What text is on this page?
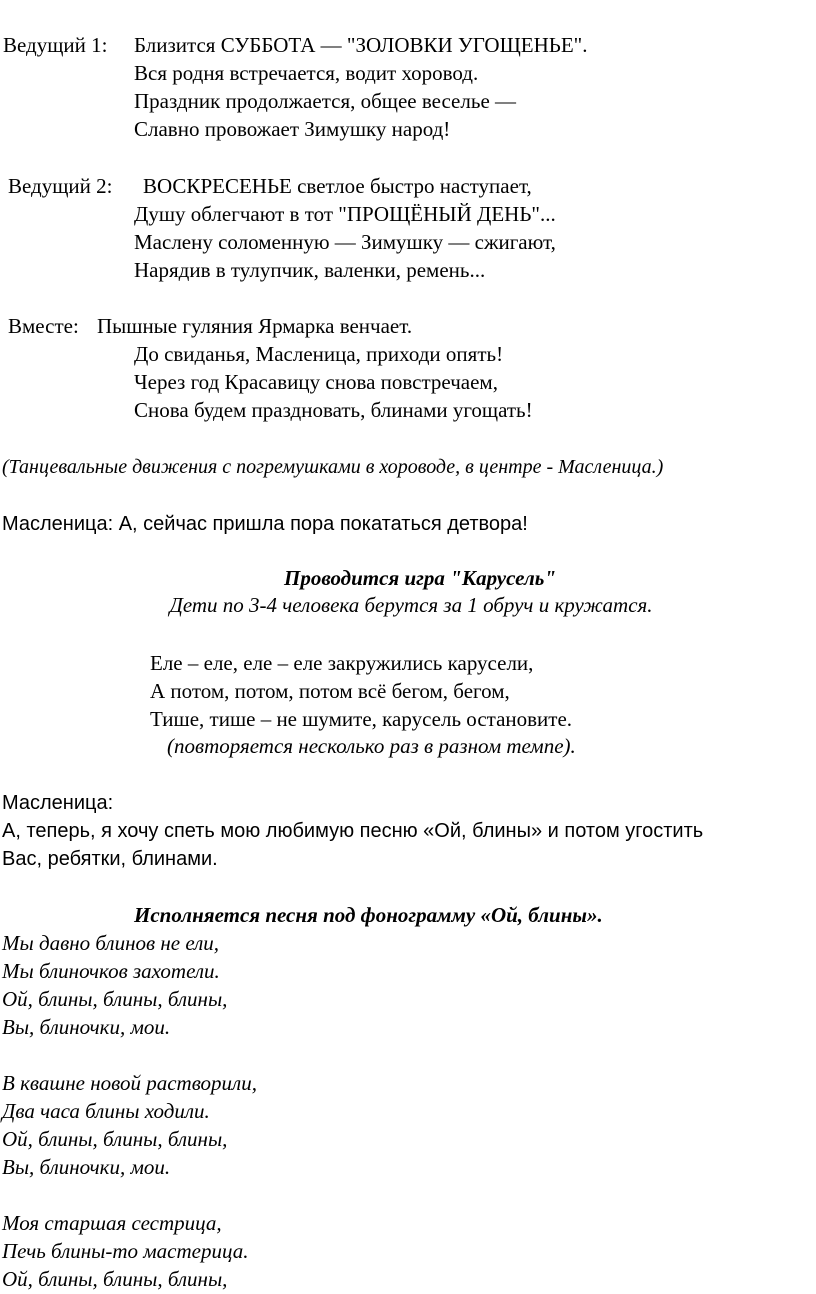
Ведущий 1: Близится СУББОТА — "ЗОЛОВКИ УГОЩЕНЬЕ".
Вся родня встречается, водит хоровод.
Праздник продолжается, общее веселье —
Славно провожает Зимушку народ!
Ведущий 2: ВОСКРЕСЕНЬЕ светлое быстро наступает,
Душу облегчают в тот "ПРОЩЁНЫЙ ДЕНЬ"...
Маслену соломенную — Зимушку — сжигают,
Нарядив в тулупчик, валенки, ремень...
Вместе: Пышные гуляния Ярмарка венчает.
До свиданья, Масленица, приходи опять!
Через год Красавицу снова повстречаем,
Снова будем праздновать, блинами угощать!
(Танцевальные движения с погремушками в хороводе, в центре - Масленица.)
Масленица: А, сейчас пришла пора покататься детвора!
Проводится игра "Карусель"
Дети по 3-4 человека берутся за 1 обруч и кружатся.
Еле – еле, еле – еле закружились карусели,
А потом, потом, потом всё бегом, бегом,
Тише, тише – не шумите, карусель остановите.
(повторяется несколько раз в разном темпе).
Масленица:
А, теперь, я хочу спеть мою любимую песню «Ой, блины» и потом угостить
Вас, ребятки, блинами.
Исполняется песня под фонограмму «Ой, блины».
Мы давно блинов не ели,
Мы блиночков захотели.
Ой, блины, блины, блины,
Вы, блиночки, мои.
В квашне новой растворили,
Два часа блины ходили.
Ой, блины, блины, блины,
Вы, блиночки, мои.
Моя старшая сестрица,
Печь блины-то мастерица.
Ой, блины, блины, блины,
